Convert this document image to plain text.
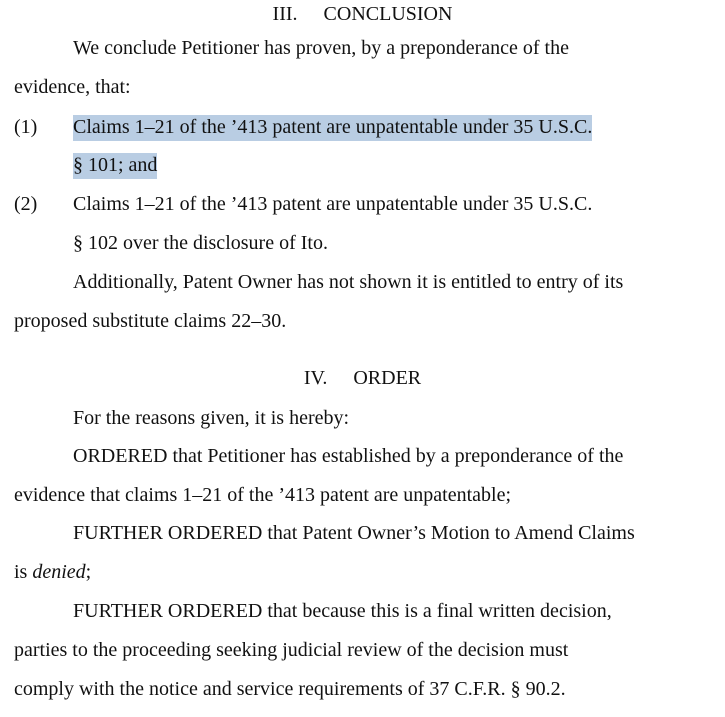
III. CONCLUSION
We conclude Petitioner has proven, by a preponderance of the
evidence, that:
(1) Claims 1–21 of the ’413 patent are unpatentable under 35 U.S.C.
§ 101; and
(2) Claims 1–21 of the ’413 patent are unpatentable under 35 U.S.C.
§ 102 over the disclosure of Ito.
Additionally, Patent Owner has not shown it is entitled to entry of its
proposed substitute claims 22–30.
IV. ORDER
For the reasons given, it is hereby:
ORDERED that Petitioner has established by a preponderance of the
evidence that claims 1–21 of the ’413 patent are unpatentable;
FURTHER ORDERED that Patent Owner’s Motion to Amend Claims
is denied;
FURTHER ORDERED that because this is a final written decision,
parties to the proceeding seeking judicial review of the decision must
comply with the notice and service requirements of 37 C.F.R. § 90.2.
